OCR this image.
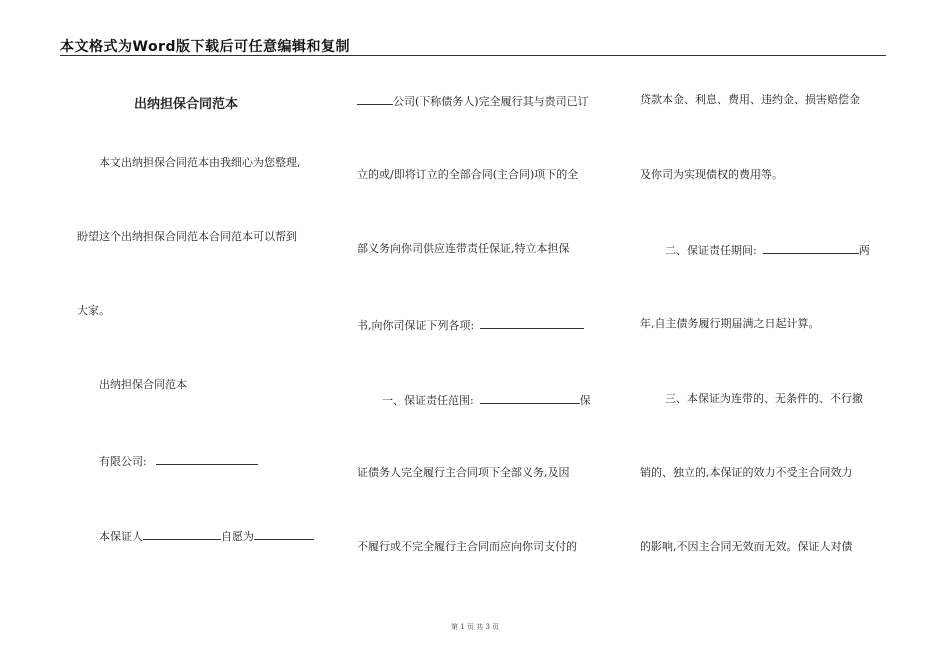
本文格式为Word版下载后可任意编辑和复制
出纳担保合同范本
本文出纳担保合同范本由我细心为您整理,
盼望这个出纳担保合同范本合同范本可以帮到
大家。
出纳担保合同范本
有限公司:
本保证人	自愿为
公司(下称债务人)完全履行其与贵司已订
立的或/即将订立的全部合同(主合同)项下的全
部义务向你司供应连带责任保证,特立本担保
书,向你司保证下列各项:
一、保证责任范围:	保
证债务人完全履行主合同项下全部义务,及因
不履行或不完全履行主合同而应向你司支付的
贷款本金、利息、费用、违约金、损害赔偿金
及你司为实现债权的费用等。
二、保证责任期间:	两
年,自主债务履行期届满之日起计算。
三、本保证为连带的、无条件的、不行撤
销的、独立的,本保证的效力不受主合同效力
的影响,不因主合同无效而无效。保证人对债
第 1 页 共 3 页
